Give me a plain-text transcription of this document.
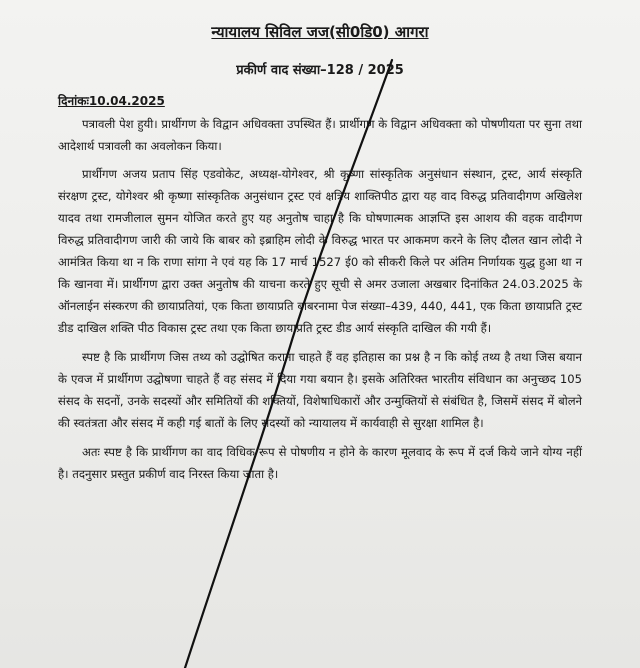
न्यायालय सिविल जज(सी0डि0) आगरा
प्रकीर्ण वाद संख्या–128 / 2025
दिनांकः10.04.2025

पत्रावली पेश हुयी। प्रार्थीगण के विद्वान अधिवक्ता उपस्थित हैं। प्रार्थीगण के विद्वान अधिवक्ता को पोषणीयता पर सुना तथा आदेशार्थ पत्रावली का अवलोकन किया।

प्रार्थीगण अजय प्रताप सिंह एडवोकेट, अध्यक्ष-योगेश्वर, श्री कृष्णा सांस्कृतिक अनुसंधान संस्थान, ट्रस्ट, आर्य संस्कृति संरक्षण ट्रस्ट, योगेश्वर श्री कृष्णा सांस्कृतिक अनुसंधान ट्रस्ट एवं क्षत्रिय शाक्तिपीठ द्वारा यह वाद विरुद्ध प्रतिवादीगण अखिलेश यादव तथा रामजीलाल सुमन योजित करते हुए यह अनुतोष चाहा है कि घोषणात्मक आज्ञप्ति इस आशय की वहक वादीगण विरुद्ध प्रतिवादीगण जारी की जाये कि बाबर को इब्राहिम लोदी के विरुद्ध भारत पर आकमण करने के लिए दौलत खान लोदी ने आमंत्रित किया था न कि राणा सांगा ने एवं यह कि 17 मार्च 1527 ई0 को सीकरी किले पर अंतिम निर्णायक युद्ध हुआ था न कि खानवा में। प्रार्थीगण द्वारा उक्त अनुतोष की याचना करते हुए सूची से अमर उजाला अखबार दिनांकित 24.03.2025 के ऑनलाईन संस्करण की छायाप्रतियां, एक किता छायाप्रति बाबरनामा पेज संख्या–439, 440, 441, एक किता छायाप्रति ट्रस्ट डीड दाखिल शक्ति पीठ विकास ट्रस्ट तथा एक किता छायाप्रति ट्रस्ट डीड आर्य संस्कृति दाखिल की गयी हैं।

स्पष्ट है कि प्रार्थीगण जिस तथ्य को उद्घोषित कराना चाहते हैं वह इतिहास का प्रश्न है न कि कोई तथ्य है तथा जिस बयान के एवज में प्रार्थीगण उद्घोषणा चाहते हैं वह संसद में दिया गया बयान है। इसके अतिरिक्त भारतीय संविधान का अनुच्छद 105 संसद के सदनों, उनके सदस्यों और समितियों की शक्तियों, विशेषाधिकारों और उन्मुक्तियों से संबंधित है, जिसमें संसद में बोलने की स्वतंत्रता और संसद में कही गई बातों के लिए सदस्यों को न्यायालय में कार्यवाही से सुरक्षा शामिल है।

अतः स्पष्ट है कि प्रार्थीगण का वाद विधिक रूप से पोषणीय न होने के कारण मूलवाद के रूप में दर्ज किये जाने योग्य नहीं है। तदनुसार प्रस्तुत प्रकीर्ण वाद निरस्त किया जाता है।
